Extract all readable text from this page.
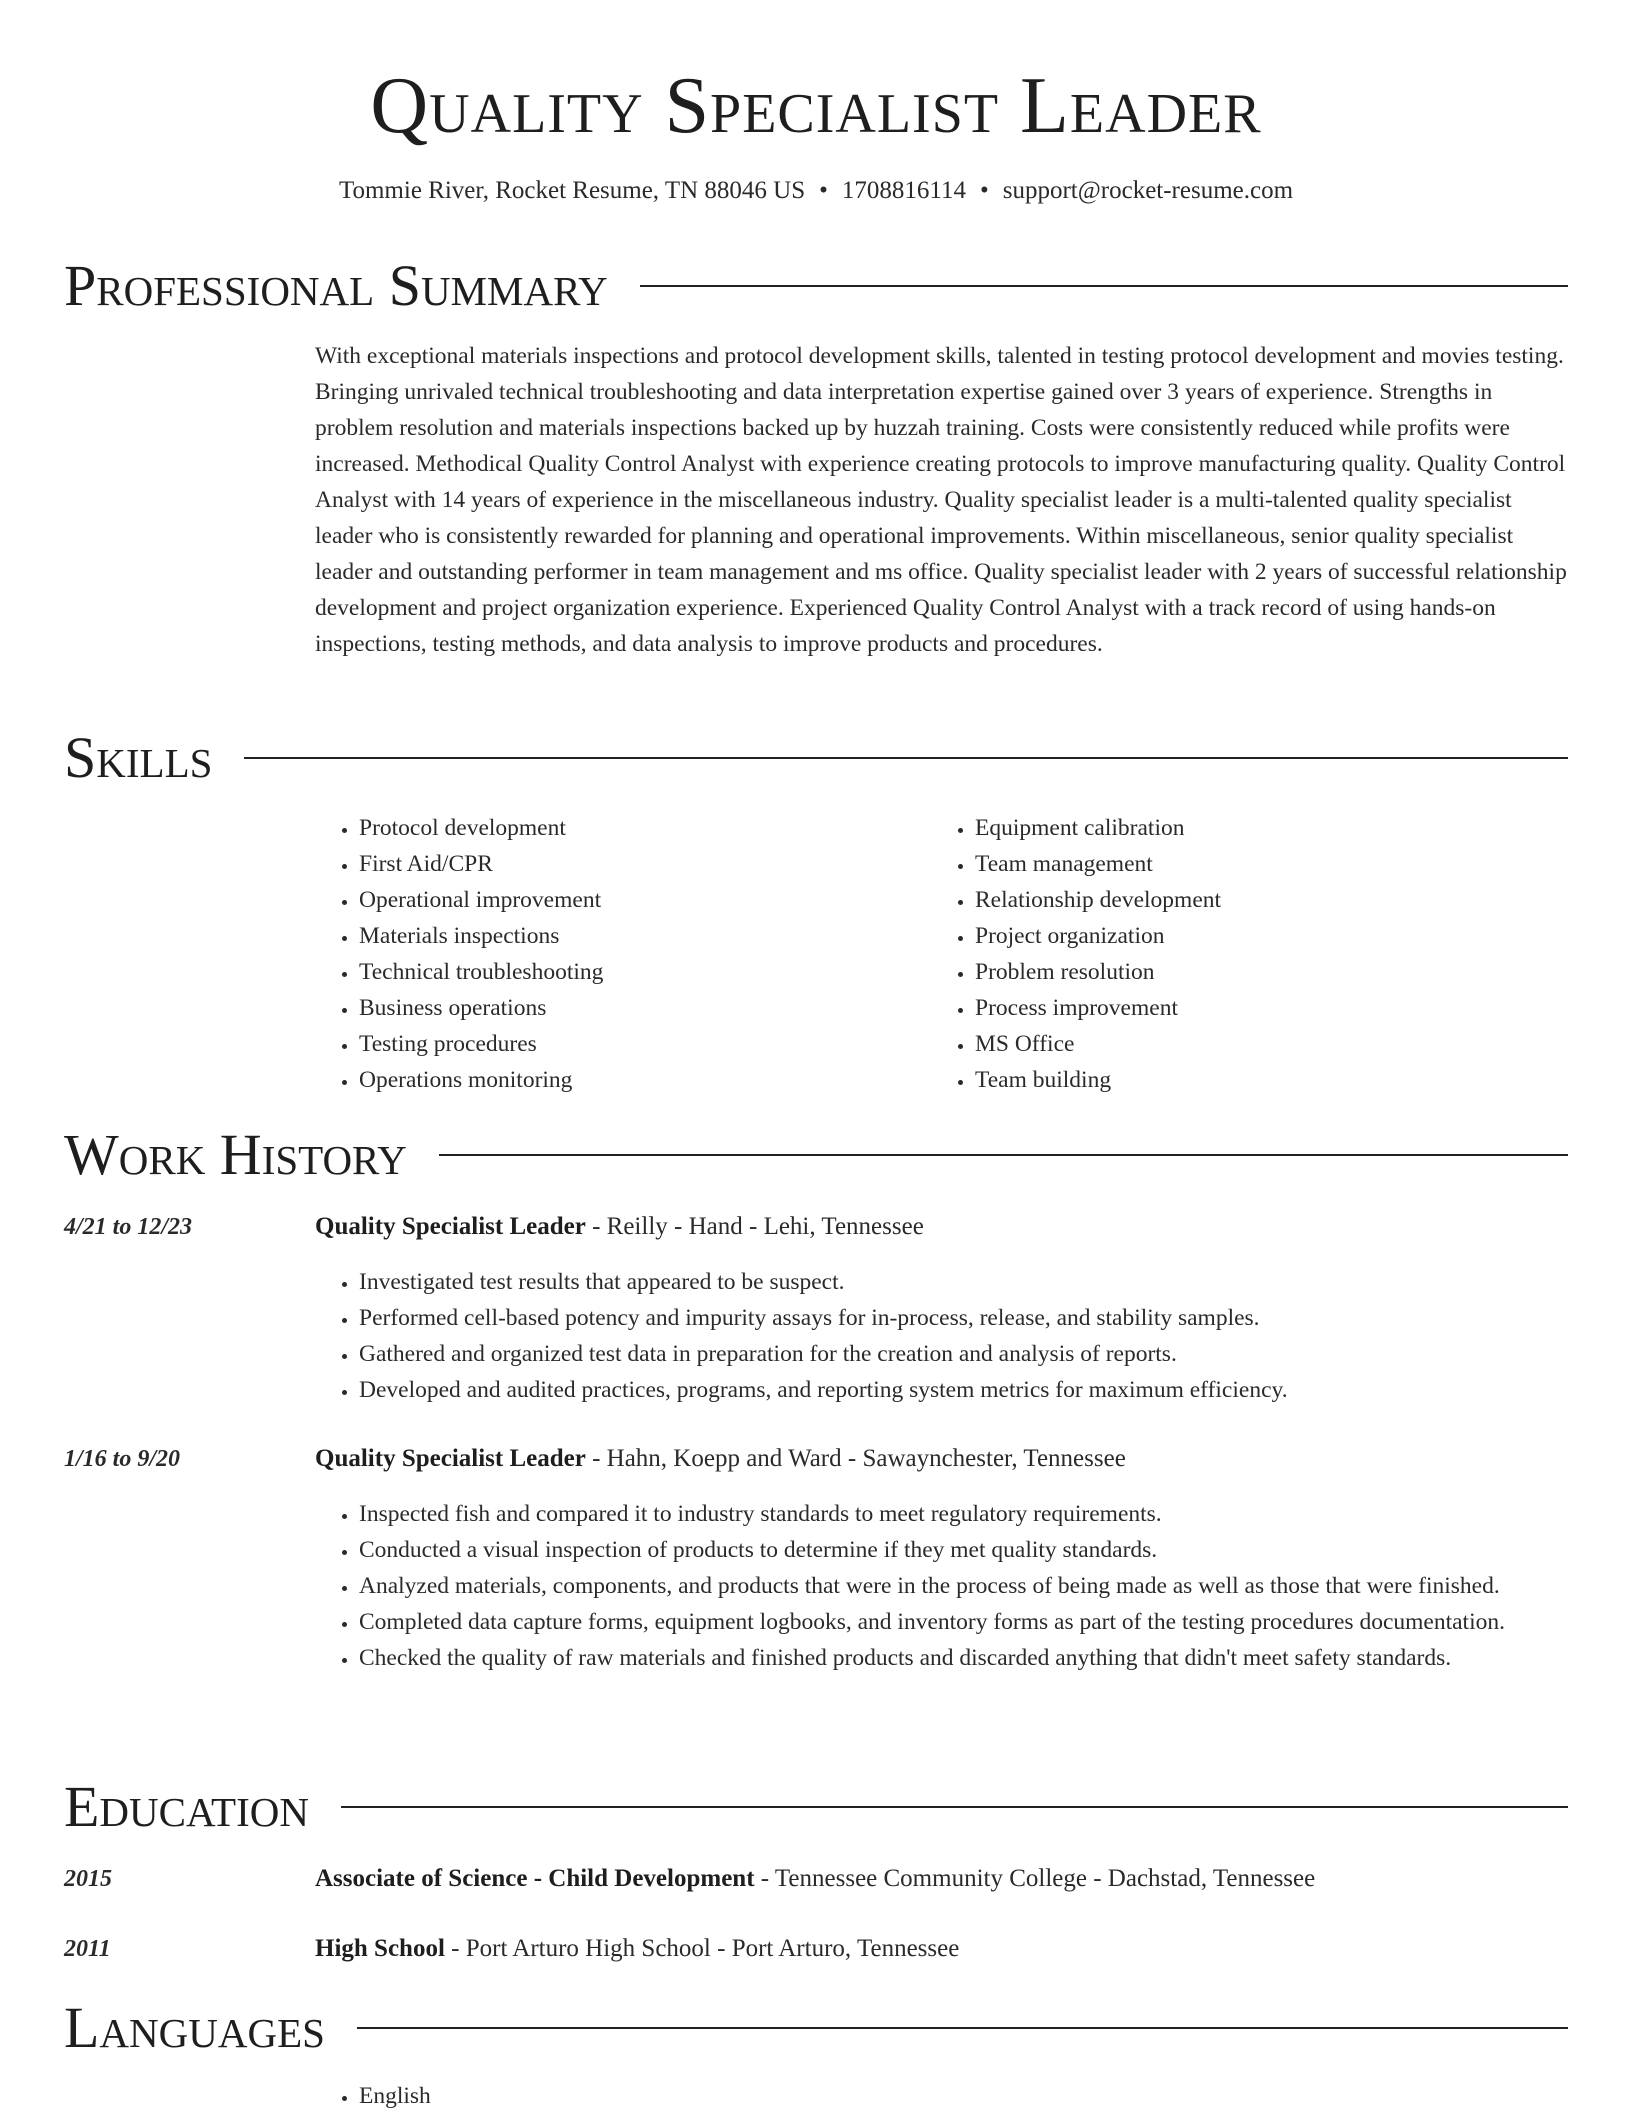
Quality Specialist Leader
Tommie River, Rocket Resume, TN 88046 US • 1708816114 • support@rocket-resume.com
Professional Summary

With exceptional materials inspections and protocol development skills, talented in testing protocol development and movies testing. Bringing unrivaled technical troubleshooting and data interpretation expertise gained over 3 years of experience. Strengths in problem resolution and materials inspections backed up by huzzah training. Costs were consistently reduced while profits were increased. Methodical Quality Control Analyst with experience creating protocols to improve manufacturing quality. Quality Control Analyst with 14 years of experience in the miscellaneous industry. Quality specialist leader is a multi-talented quality specialist leader who is consistently rewarded for planning and operational improvements. Within miscellaneous, senior quality specialist leader and outstanding performer in team management and ms office. Quality specialist leader with 2 years of successful relationship development and project organization experience. Experienced Quality Control Analyst with a track record of using hands-on inspections, testing methods, and data analysis to improve products and procedures.

Skills
• Protocol development
• First Aid/CPR
• Operational improvement
• Materials inspections
• Technical troubleshooting
• Business operations
• Testing procedures
• Operations monitoring
• Equipment calibration
• Team management
• Relationship development
• Project organization
• Problem resolution
• Process improvement
• MS Office
• Team building
Work History
4/21 to 12/23	Quality Specialist Leader - Reilly - Hand - Lehi, Tennessee
• Investigated test results that appeared to be suspect.
• Performed cell-based potency and impurity assays for in-process, release, and stability samples.
• Gathered and organized test data in preparation for the creation and analysis of reports.
• Developed and audited practices, programs, and reporting system metrics for maximum efficiency.
1/16 to 9/20	Quality Specialist Leader - Hahn, Koepp and Ward - Sawaynchester, Tennessee
• Inspected fish and compared it to industry standards to meet regulatory requirements.
• Conducted a visual inspection of products to determine if they met quality standards.
• Analyzed materials, components, and products that were in the process of being made as well as those that were finished.
• Completed data capture forms, equipment logbooks, and inventory forms as part of the testing procedures documentation.
• Checked the quality of raw materials and finished products and discarded anything that didn't meet safety standards.
Education
2015	Associate of Science - Child Development - Tennessee Community College - Dachstad, Tennessee
2011	High School - Port Arturo High School - Port Arturo, Tennessee
Languages
• English
